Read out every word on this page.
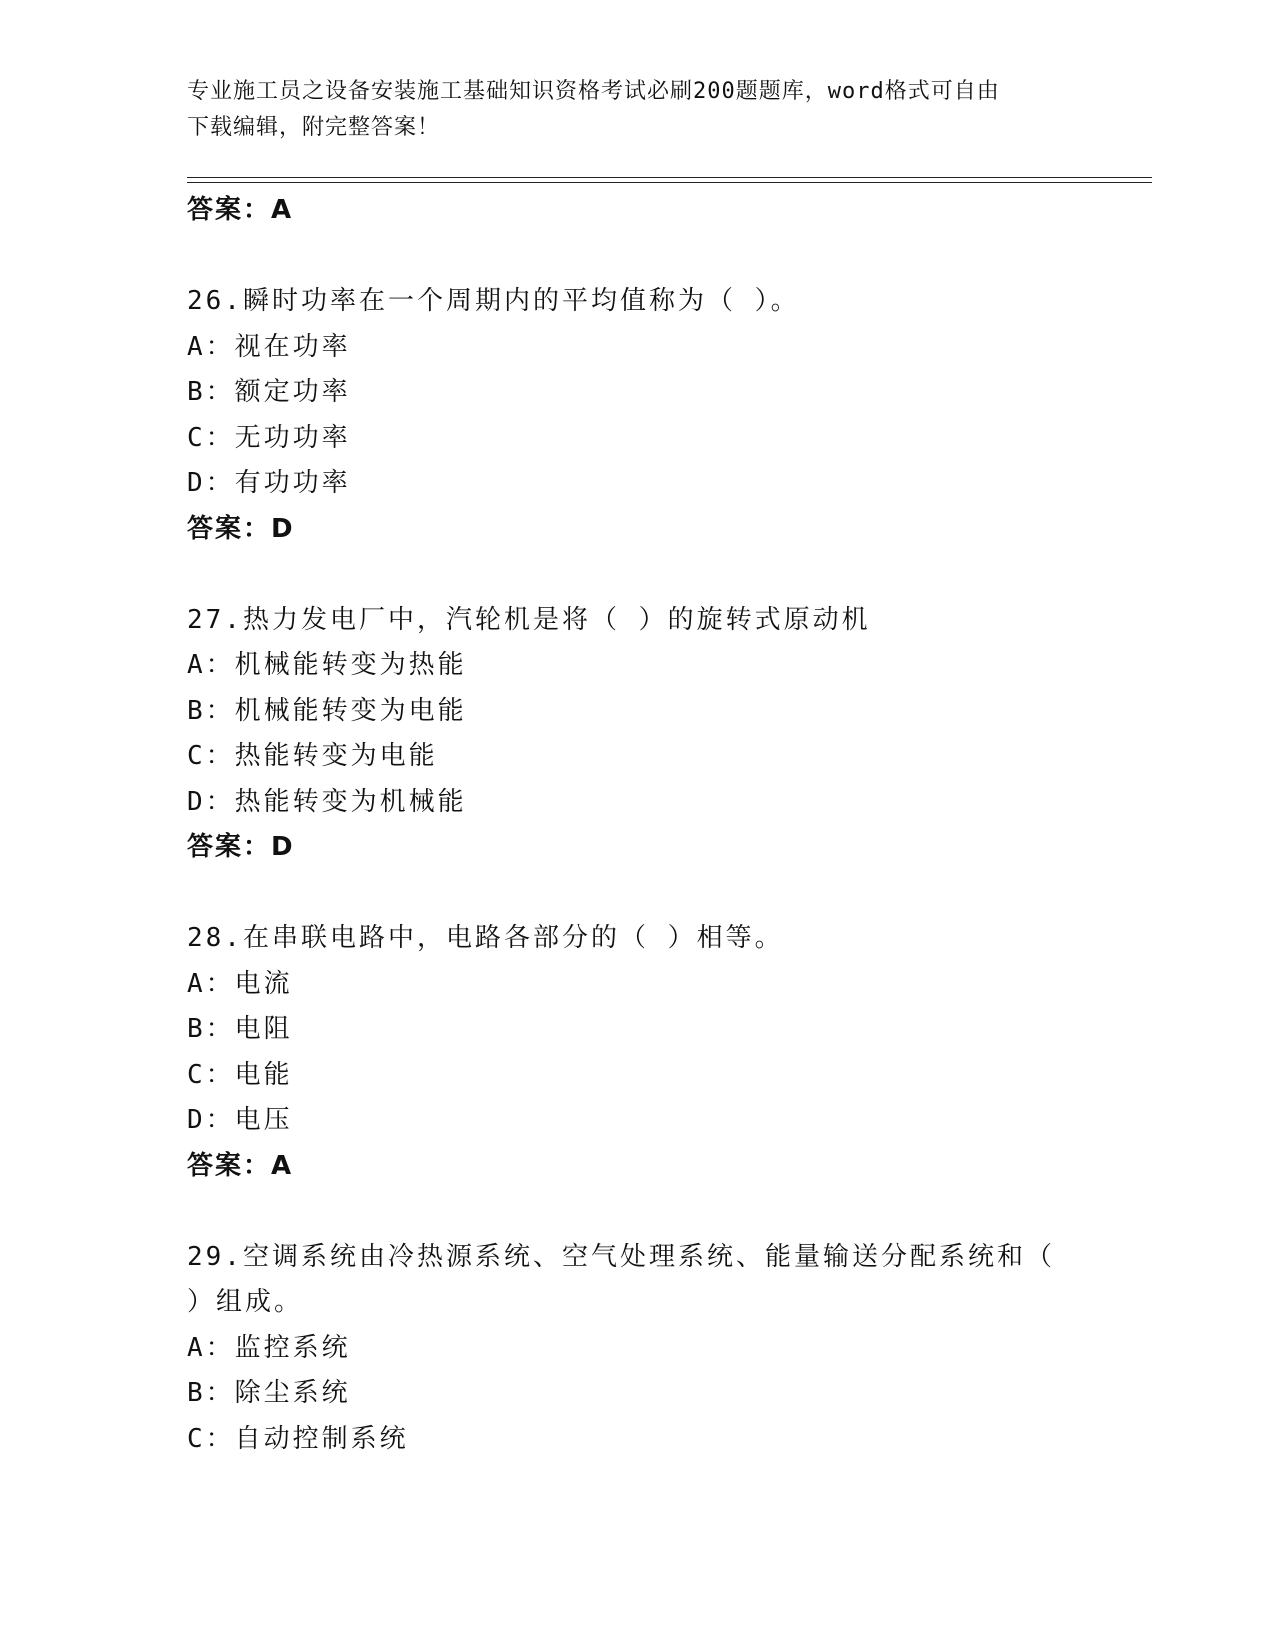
专业施工员之设备安装施工基础知识资格考试必刷200题题库，word格式可自由
下载编辑，附完整答案！
答案：A
26.瞬时功率在一个周期内的平均值称为（ ）。
A：视在功率
B：额定功率
C：无功功率
D：有功功率
答案：D
27.热力发电厂中，汽轮机是将（ ）的旋转式原动机
A：机械能转变为热能
B：机械能转变为电能
C：热能转变为电能
D：热能转变为机械能
答案：D
28.在串联电路中，电路各部分的（ ）相等。
A：电流
B：电阻
C：电能
D：电压
答案：A
29.空调系统由冷热源系统、空气处理系统、能量输送分配系统和（
）组成。
A：监控系统
B：除尘系统
C：自动控制系统
